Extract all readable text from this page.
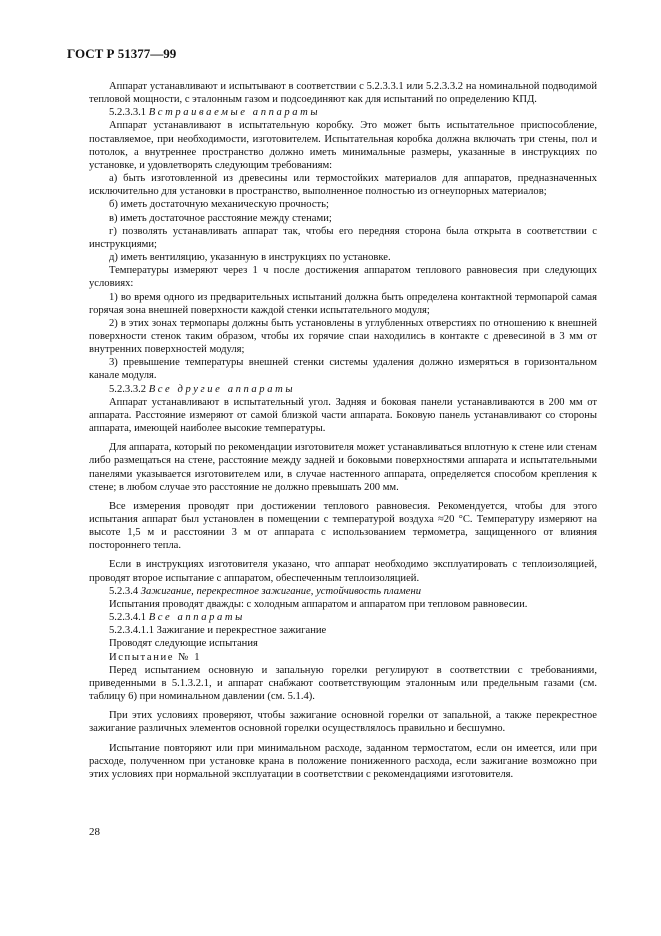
ГОСТ Р 51377—99

Аппарат устанавливают и испытывают в соответствии с 5.2.3.3.1 или 5.2.3.3.2 на номинальной подводимой тепловой мощности, с эталонным газом и подсоединяют как для испытаний по определению КПД.

5.2.3.3.1 Встраиваемые аппараты

Аппарат устанавливают в испытательную коробку. Это может быть испытательное приспособление, поставляемое, при необходимости, изготовителем. Испытательная коробка должна включать три стены, пол и потолок, а внутреннее пространство должно иметь минимальные размеры, указанные в инструкциях по установке, и удовлетворять следующим требованиям:

а) быть изготовленной из древесины или термостойких материалов для аппаратов, предназначенных исключительно для установки в пространство, выполненное полностью из огнеупорных материалов;

б) иметь достаточную механическую прочность;

в) иметь достаточное расстояние между стенами;

г) позволять устанавливать аппарат так, чтобы его передняя сторона была открыта в соответствии с инструкциями;

д) иметь вентиляцию, указанную в инструкциях по установке.

Температуры измеряют через 1 ч после достижения аппаратом теплового равновесия при следующих условиях:

1) во время одного из предварительных испытаний должна быть определена контактной термопарой самая горячая зона внешней поверхности каждой стенки испытательного модуля;

2) в этих зонах термопары должны быть установлены в углубленных отверстиях по отношению к внешней поверхности стенок таким образом, чтобы их горячие спаи находились в контакте с древесиной в 3 мм от внутренних поверхностей модуля;

3) превышение температуры внешней стенки системы удаления должно измеряться в горизонтальном канале модуля.

5.2.3.3.2 Все другие аппараты

Аппарат устанавливают в испытательный угол. Задняя и боковая панели устанавливаются в 200 мм от аппарата. Расстояние измеряют от самой близкой части аппарата. Боковую панель устанавливают со стороны аппарата, имеющей наиболее высокие температуры.

Для аппарата, который по рекомендации изготовителя может устанавливаться вплотную к стене или стенам либо размещаться на стене, расстояние между задней и боковыми поверхностями аппарата и испытательными панелями указывается изготовителем или, в случае настенного аппарата, определяется способом крепления к стене; в любом случае это расстояние не должно превышать 200 мм.

Все измерения проводят при достижении теплового равновесия. Рекомендуется, чтобы для этого испытания аппарат был установлен в помещении с температурой воздуха ≈20 °С. Температуру измеряют на высоте 1,5 м и расстоянии 3 м от аппарата с использованием термометра, защищенного от влияния постороннего тепла.

Если в инструкциях изготовителя указано, что аппарат необходимо эксплуатировать с теплоизоляцией, проводят второе испытание с аппаратом, обеспеченным теплоизоляцией.

5.2.3.4 Зажигание, перекрестное зажигание, устойчивость пламени

Испытания проводят дважды: с холодным аппаратом и аппаратом при тепловом равновесии.

5.2.3.4.1 Все аппараты

5.2.3.4.1.1 Зажигание и перекрестное зажигание

Проводят следующие испытания

Испытание № 1

Перед испытанием основную и запальную горелки регулируют в соответствии с требованиями, приведенными в 5.1.3.2.1, и аппарат снабжают соответствующим эталонным или предельным газами (см. таблицу 6) при номинальном давлении (см. 5.1.4).

При этих условиях проверяют, чтобы зажигание основной горелки от запальной, а также перекрестное зажигание различных элементов основной горелки осуществлялось правильно и бесшумно.

Испытание повторяют или при минимальном расходе, заданном термостатом, если он имеется, или при расходе, полученном при установке крана в положение пониженного расхода, если зажигание возможно при этих условиях при нормальной эксплуатации в соответствии с рекомендациями изготовителя.

28
